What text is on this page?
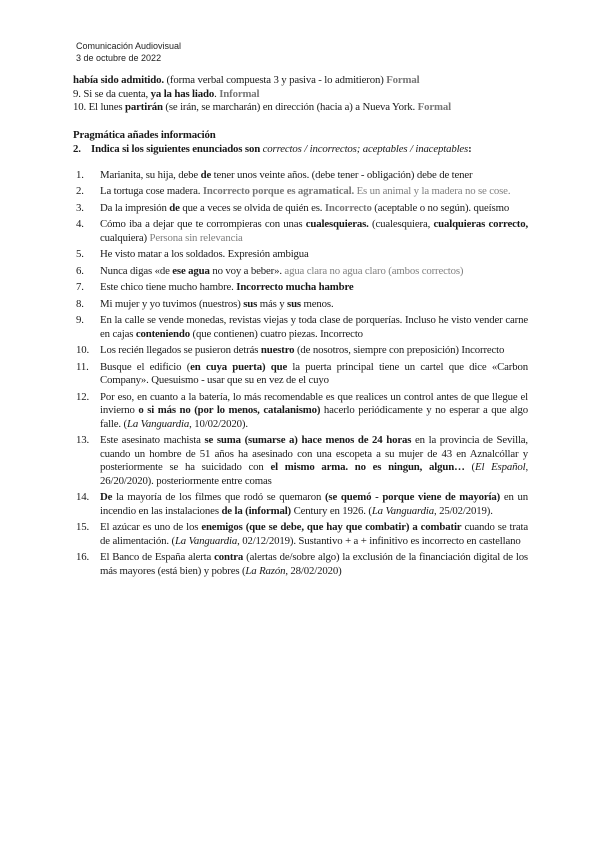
Comunicación Audiovisual
3 de octubre de 2022

había sido admitido. (forma verbal compuesta 3 y pasiva - lo admitieron) Formal

9. Si se da cuenta, ya la has liado. Informal

10. El lunes partirán (se irán, se marcharán) en dirección (hacia a) a Nueva York. Formal

Pragmática añades información

2. Indica si los siguientes enunciados son correctos / incorrectos; aceptables / inaceptables:

1.	Marianita, su hija, debe de tener unos veinte años. (debe tener - obligación) debe de tener
2.	La tortuga cose madera. Incorrecto porque es agramatical. Es un animal y la madera no se cose.
3.	Da la impresión de que a veces se olvida de quién es. Incorrecto (aceptable o no según). queísmo
4.	Cómo iba a dejar que te corrompieras con unas cualesquieras. (cualesquiera, cualquieras correcto, cualquiera) Persona sin relevancia
5.	He visto matar a los soldados. Expresión ambigua
6.	Nunca digas «de ese agua no voy a beber». agua clara no agua claro (ambos correctos)
7.	Este chico tiene mucho hambre. Incorrecto mucha hambre
8.	Mi mujer y yo tuvimos (nuestros) sus más y sus menos.
9.	En la calle se vende monedas, revistas viejas y toda clase de porquerías. Incluso he visto vender carne en cajas conteniendo (que contienen) cuatro piezas. Incorrecto
10.	Los recién llegados se pusieron detrás nuestro (de nosotros, siempre con preposición) Incorrecto
11.	Busque el edificio (en cuya puerta) que la puerta principal tiene un cartel que dice «Carbon Company». Quesuismo - usar que su en vez de el cuyo
12.	Por eso, en cuanto a la batería, lo más recomendable es que realices un control antes de que llegue el invierno o si más no (por lo menos, catalanismo) hacerlo periódicamente y no esperar a que algo falle. (La Vanguardia, 10/02/2020).
13.	Este asesinato machista se suma (sumarse a) hace menos de 24 horas en la provincia de Sevilla, cuando un hombre de 51 años ha asesinado con una escopeta a su mujer de 43 en Aznalcóllar y posteriormente se ha suicidado con el mismo arma. no es ningun, algun… (El Español, 26/20/2020). posteriormente entre comas
14.	De la mayoría de los filmes que rodó se quemaron (se quemó - porque viene de mayoría) en un incendio en las instalaciones de la (informal) Century en 1926. (La Vanguardia, 25/02/2019).
15.	El azúcar es uno de los enemigos (que se debe, que hay que combatir) a combatir cuando se trata de alimentación. (La Vanguardia, 02/12/2019). Sustantivo + a + infinitivo es incorrecto en castellano
16.	El Banco de España alerta contra (alertas de/sobre algo) la exclusión de la financiación digital de los más mayores (está bien) y pobres (La Razón, 28/02/2020)
